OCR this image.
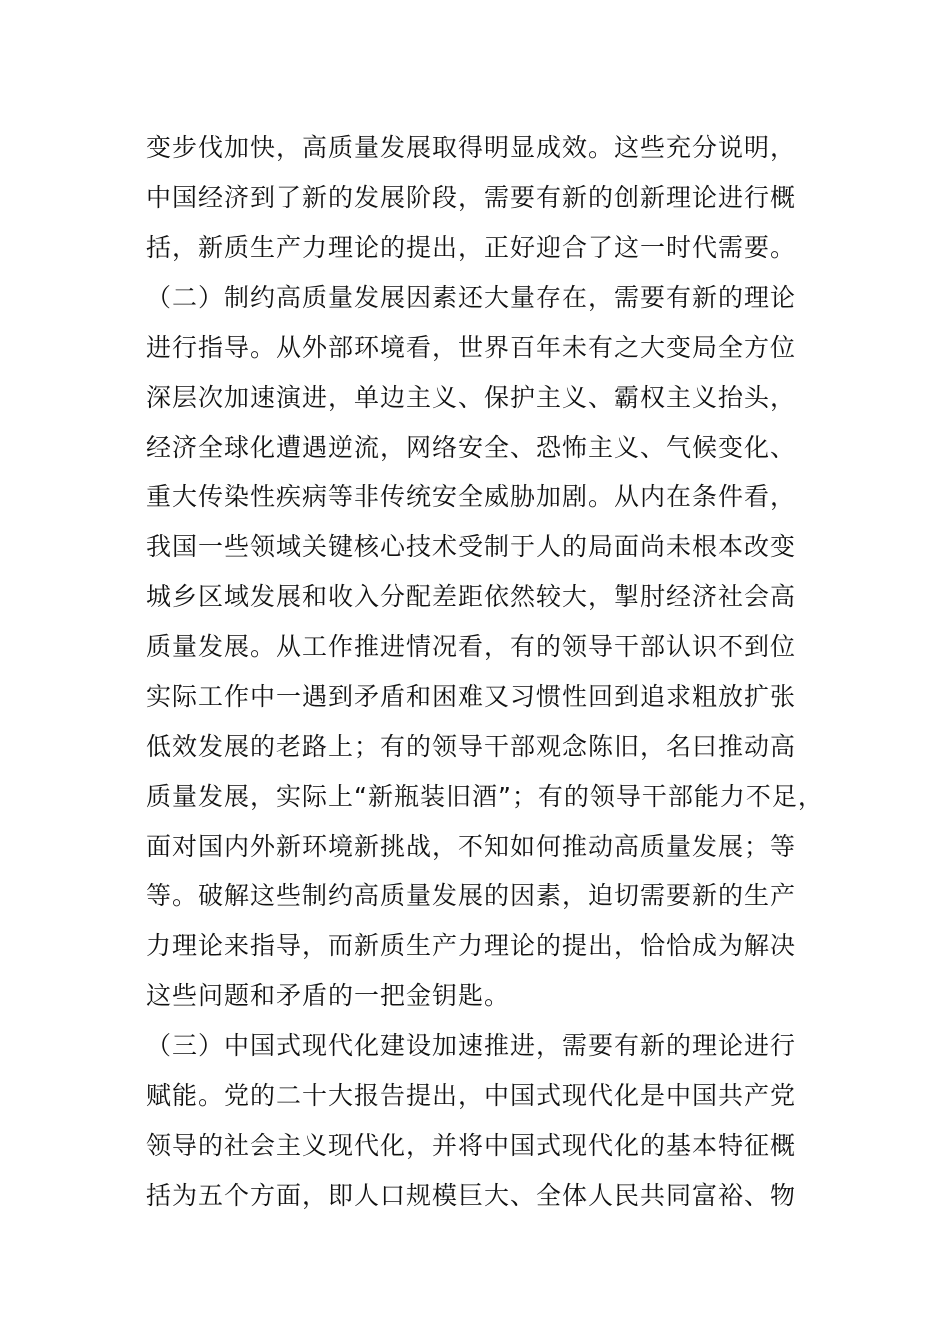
变步伐加快，高质量发展取得明显成效。这些充分说明，
中国经济到了新的发展阶段，需要有新的创新理论进行概
括，新质生产力理论的提出，正好迎合了这一时代需要。
（二）制约高质量发展因素还大量存在，需要有新的理论
进行指导。从外部环境看，世界百年未有之大变局全方位
深层次加速演进，单边主义、保护主义、霸权主义抬头，
经济全球化遭遇逆流，网络安全、恐怖主义、气候变化、
重大传染性疾病等非传统安全威胁加剧。从内在条件看，
我国一些领域关键核心技术受制于人的局面尚未根本改变
城乡区域发展和收入分配差距依然较大，掣肘经济社会高
质量发展。从工作推进情况看，有的领导干部认识不到位
实际工作中一遇到矛盾和困难又习惯性回到追求粗放扩张
低效发展的老路上；有的领导干部观念陈旧，名曰推动高
质量发展，实际上“新瓶装旧酒”；有的领导干部能力不足，
面对国内外新环境新挑战，不知如何推动高质量发展；等
等。破解这些制约高质量发展的因素，迫切需要新的生产
力理论来指导，而新质生产力理论的提出，恰恰成为解决
这些问题和矛盾的一把金钥匙。
（三）中国式现代化建设加速推进，需要有新的理论进行
赋能。党的二十大报告提出，中国式现代化是中国共产党
领导的社会主义现代化，并将中国式现代化的基本特征概
括为五个方面，即人口规模巨大、全体人民共同富裕、物
